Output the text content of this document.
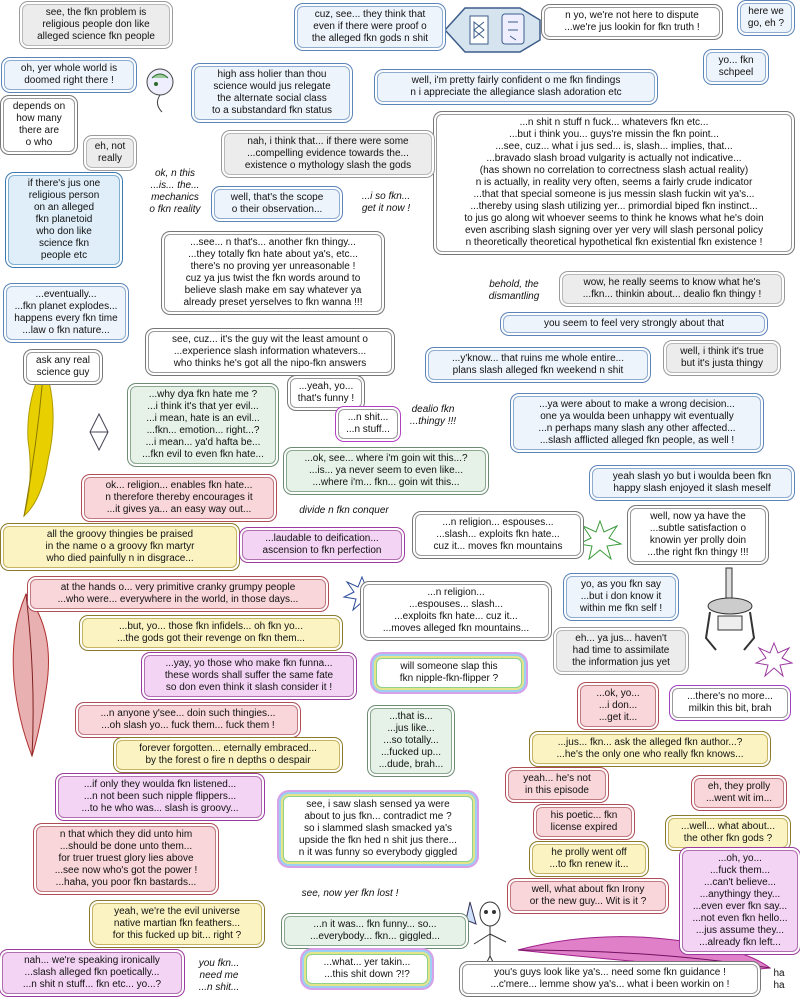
see, the fkn problem is
religious people don like
alleged science fkn people
cuz, see... they think that
even if there were proof o
the alleged fkn gods n shit
n yo, we're not here to dispute
...we're jus lookin for fkn truth !
here we
go, eh ?
oh, yer whole world is
doomed right there !
high ass holier than thou
science would jus relegate
the alternate social class
to a substandard fkn status
yo... fkn
schpeel
well, i'm pretty fairly confident o me fkn findings
n i appreciate the allegiance slash adoration etc
depends on
how many
there are
o who	eh, not
really
...n shit n stuff n fuck... whatevers fkn etc...
...but i think you... guys're missin the fkn point...
...see, cuz... what i jus sed... is, slash... implies, that...
...bravado slash broad vulgarity is actually not indicative...
(has shown no correlation to correctness slash actual reality)
n is actually, in reality very often, seems a fairly crude indicator
...that that special someone is jus messin slash fuckin wit ya's...
...thereby using slash utilizing yer... primordial biped fkn instinct...
to jus go along wit whoever seems to think he knows what he's doin
even ascribing slash signing over yer very will slash personal policy
n theoretically theoretical hypothetical fkn existential fkn existence !
nah, i think that... if there were some
...compelling evidence towards the...
existence o mythology slash the gods
ok, n this
...is... the...
mechanics
o fkn reality
if there's jus one
religious person
on an alleged
fkn planetoid
who don like
science fkn
people etc
well, that's the scope
o their observation...
...i so fkn...
get it now !
...see... n that's... another fkn thingy...
...they totally fkn hate about ya's, etc...
there's no proving yer unreasonable !
cuz ya jus twist the fkn words around to
believe slash make em say whatever ya
already preset yerselves to fkn wanna !!!
...eventually...
...fkn planet explodes...
happens every fkn time
...law o fkn nature...
behold, the
dismantling
wow, he really seems to know what he's
...fkn... thinkin about... dealio fkn thingy !
you seem to feel very strongly about that
ask any real
science guy
see, cuz... it's the guy wit the least amount o
...experience slash information whatevers...
who thinks he's got all the nipo-fkn answers	...y'know... that ruins me whole entire...
plans slash alleged fkn weekend n shit
well, i think it's true
but it's justa thingy
...why dya fkn hate me ?
...i think it's that yer evil...
...i mean, hate is an evil...
...fkn... emotion... right...?
...i mean... ya'd hafta be...
...fkn evil to even fkn hate...
...yeah, yo...
that's funny !
...n shit...
...n stuff...
dealio fkn
...thingy !!!
...ya were about to make a wrong decision...
one ya woulda been unhappy wit eventually
...n perhaps many slash any other affected...
...slash afflicted alleged fkn people, as well !
...ok, see... where i'm goin wit this...?
...is... ya never seem to even like...
...where i'm... fkn... goin wit this...
ok... religion... enables fkn hate...
n therefore thereby encourages it
...it gives ya... an easy way out...
yeah slash yo but i woulda been fkn
happy slash enjoyed it slash meself
divide n fkn conquer
...n religion... espouses...
...slash... exploits fkn hate...
cuz it... moves fkn mountains
well, now ya have the
...subtle satisfaction o
knowin yer prolly doin
...the right fkn thingy !!!
all the groovy thingies be praised
in the name o a groovy fkn martyr
who died painfully n in disgrace...
...laudable to deification...
ascension to fkn perfection
at the hands o... very primitive cranky grumpy people
...who were... everywhere in the world, in those days...
...n religion...
...espouses... slash...
...exploits fkn hate... cuz it...
...moves alleged fkn mountains...
yo, as you fkn say
...but i don know it
within me fkn self !
...but, yo... those fkn infidels... oh fkn yo...
...the gods got their revenge on fkn them...	eh... ya jus... haven't
had time to assimilate
the information jus yet
...yay, yo those who make fkn funna...
these words shall suffer the same fate
so don even think it slash consider it !
will someone slap this
fkn nipple-fkn-flipper ?
...ok, yo...
...i don...
...get it...
...there's no more...
milkin this bit, brah
...n anyone y'see... doin such thingies...
...oh slash yo... fuck them... fuck them !
...that is...
...jus like...
...so totally...
...fucked up...
...dude, brah...
forever forgotten... eternally embraced...
by the forest o fire n depths o despair
...jus... fkn... ask the alleged fkn author...?
...he's the only one who really fkn knows...
...if only they woulda fkn listened...
...n not been such nipple flippers...
...to he who was... slash is groovy...
yeah... he's not
in this episode	eh, they prolly
...went wit im...
see, i saw slash sensed ya were
about to jus fkn... contradict me ?
so i slammed slash smacked ya's
upside the fkn hed n shit jus there...
n it was funny so everybody giggled
his poetic... fkn
license expired	...well... what about...
the other fkn gods ?
n that which they did unto him
...should be done unto them...
for truer truest glory lies above
...see now who's got the power !
...haha, you poor fkn bastards...
he prolly went off
...to fkn renew it...
...oh, yo...
...fuck them...
...can't believe...
...anythingy they...
...even ever fkn say...
...not even fkn hello...
...jus assume they...
...already fkn left...
well, what about fkn Irony
or the new guy... Wit is it ?
see, now yer fkn lost !
yeah, we're the evil universe
native martian fkn feathers...
for this fucked up bit... right ?
...n it was... fkn funny... so...
...everybody... fkn... giggled...
nah... we're speaking ironically
...slash alleged fkn poetically...
...n shit n stuff... fkn etc... yo...?
you fkn...
need me
...n shit...
...what... yer takin...
...this shit down ?!?	you's guys look like ya's... need some fkn guidance !
...c'mere... lemme show ya's... what i been workin on !
ha
ha
